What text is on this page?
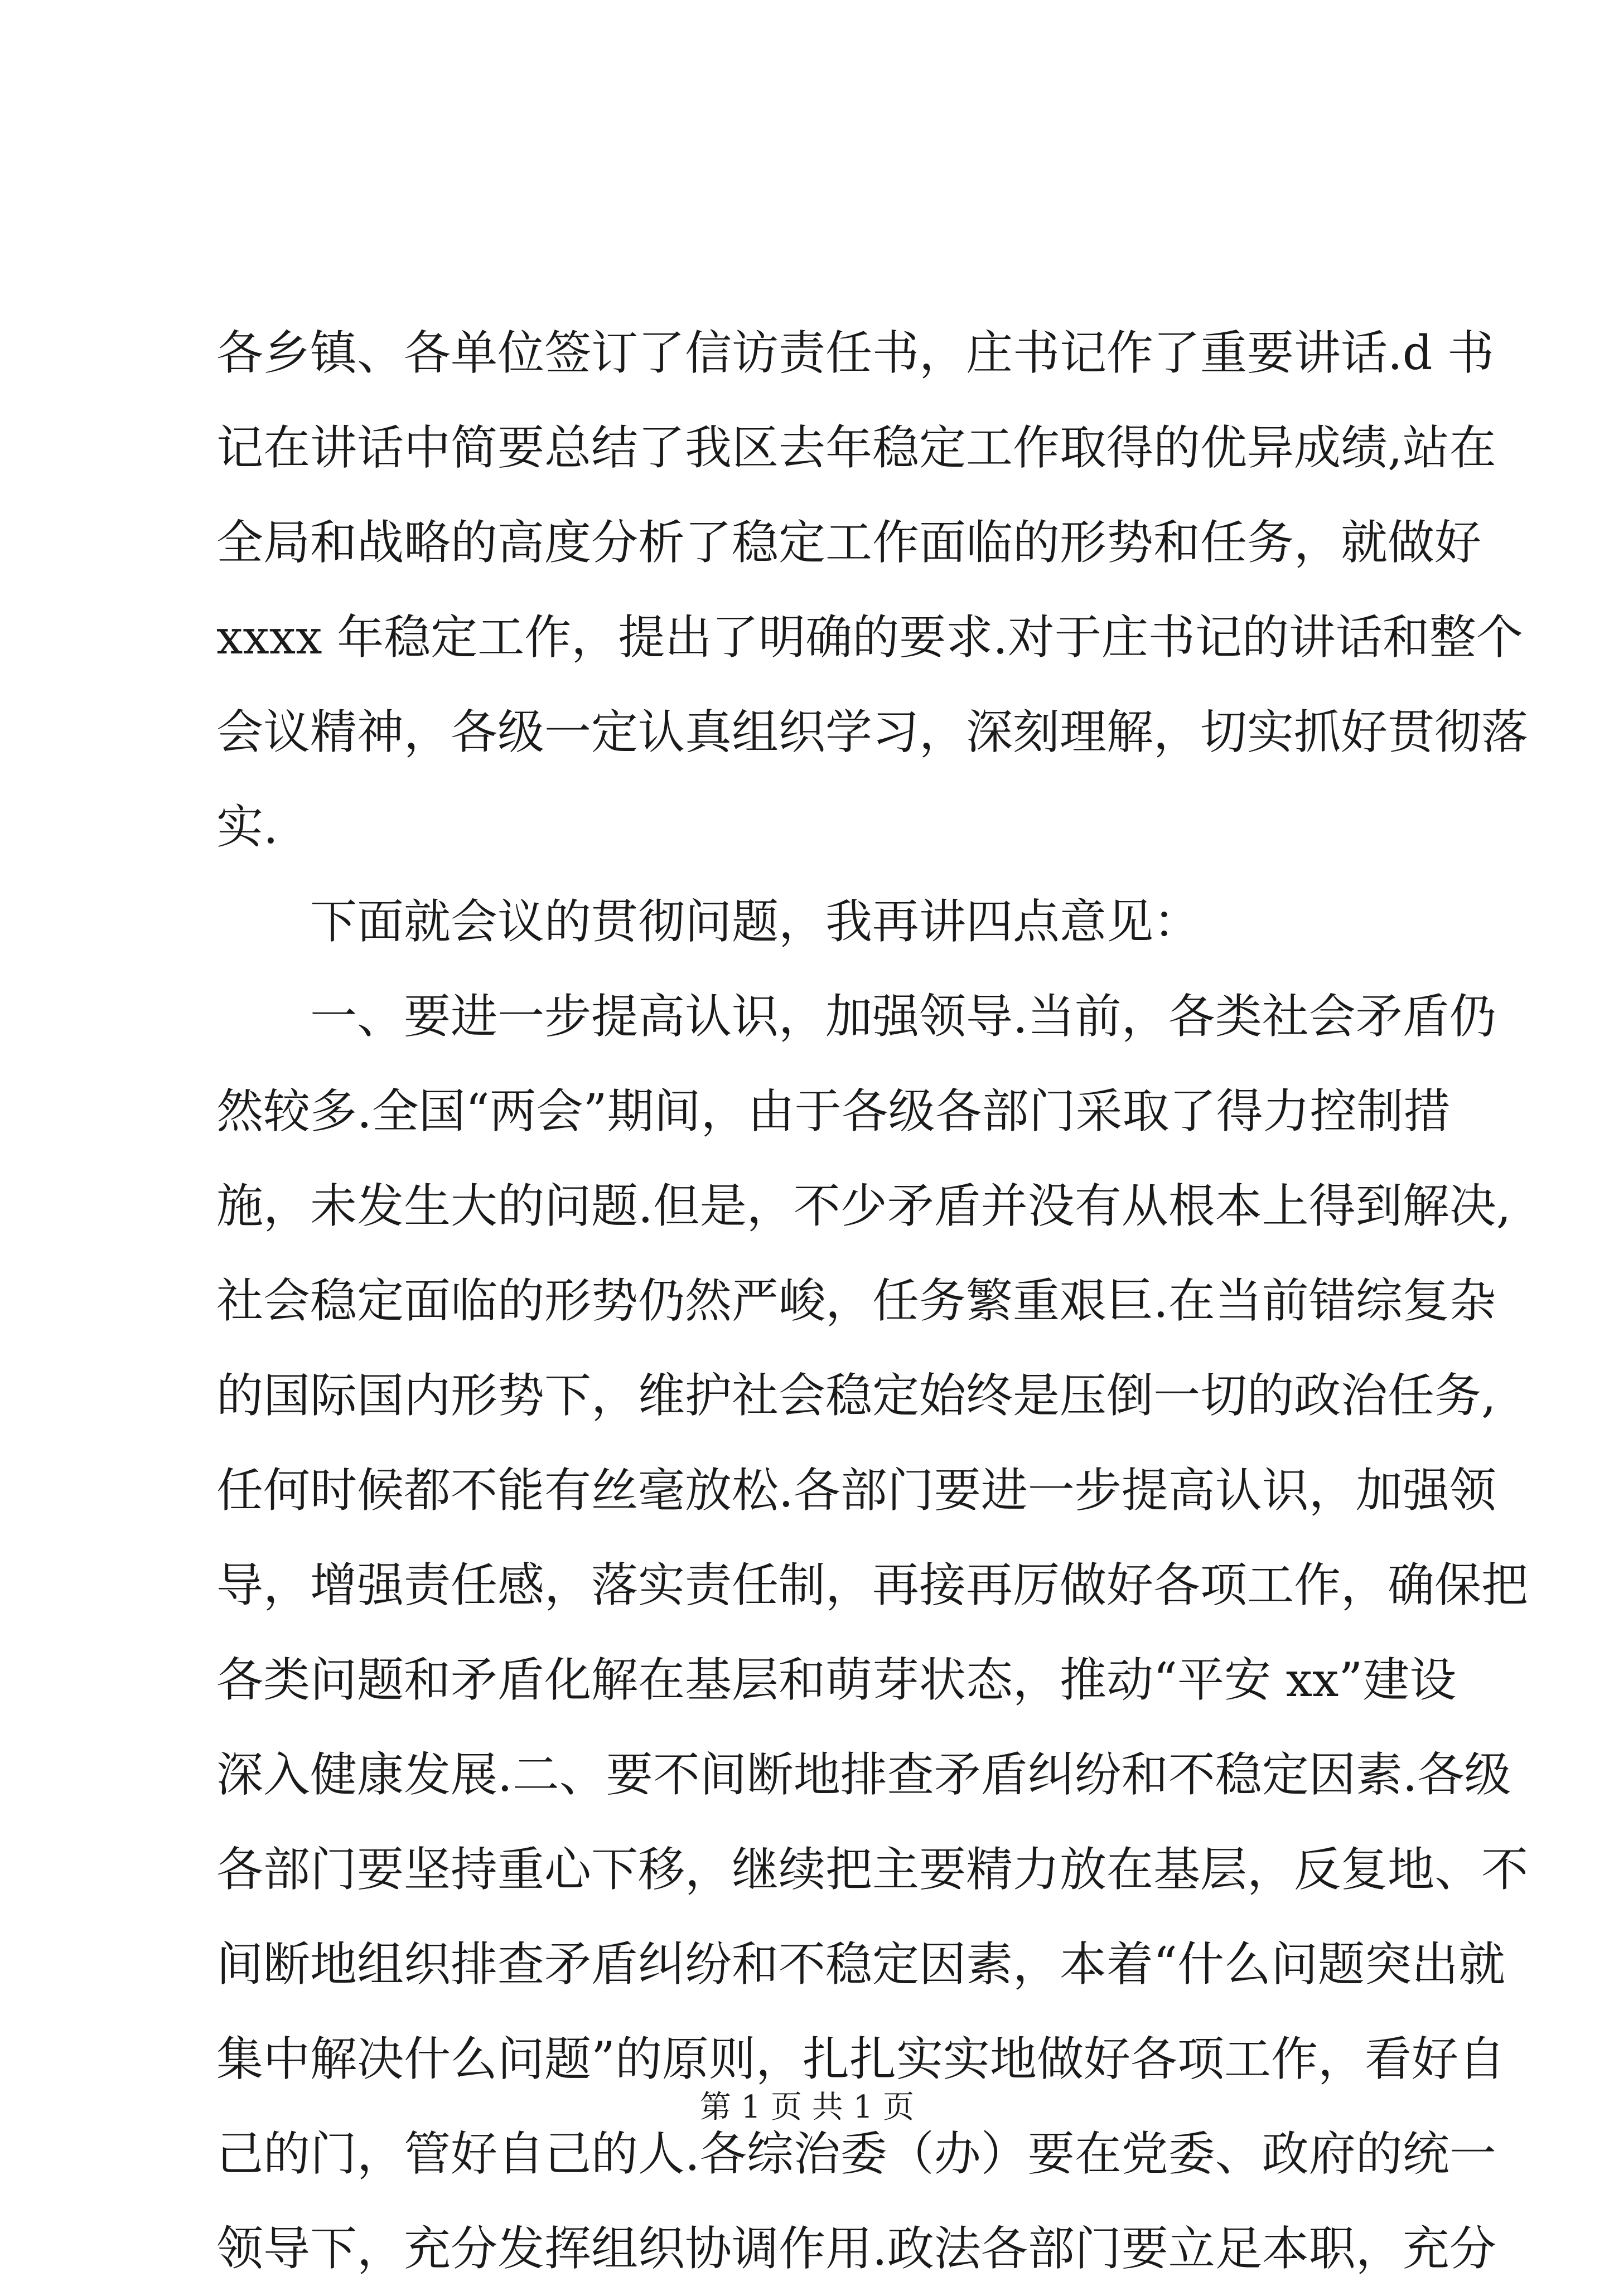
各乡镇、各单位签订了信访责任书，庄书记作了重要讲话.d 书
记在讲话中简要总结了我区去年稳定工作取得的优异成绩,站在
全局和战略的高度分析了稳定工作面临的形势和任务，就做好
xxxx 年稳定工作，提出了明确的要求.对于庄书记的讲话和整个
会议精神，各级一定认真组织学习，深刻理解，切实抓好贯彻落
实.
　　下面就会议的贯彻问题，我再讲四点意见：
　　一、要进一步提高认识，加强领导.当前，各类社会矛盾仍
然较多.全国“两会”期间，由于各级各部门采取了得力控制措
施，未发生大的问题.但是，不少矛盾并没有从根本上得到解决,
社会稳定面临的形势仍然严峻，任务繁重艰巨.在当前错综复杂
的国际国内形势下，维护社会稳定始终是压倒一切的政治任务,
任何时候都不能有丝毫放松.各部门要进一步提高认识，加强领
导，增强责任感，落实责任制，再接再厉做好各项工作，确保把
各类问题和矛盾化解在基层和萌芽状态，推动“平安 xx”建设
深入健康发展.二、要不间断地排查矛盾纠纷和不稳定因素.各级
各部门要坚持重心下移，继续把主要精力放在基层，反复地、不
间断地组织排查矛盾纠纷和不稳定因素，本着“什么问题突出就
集中解决什么问题”的原则，扎扎实实地做好各项工作，看好自
己的门，管好自己的人.各综治委（办）要在党委、政府的统一
领导下，充分发挥组织协调作用.政法各部门要立足本职，充分
第 1 页 共 1 页
